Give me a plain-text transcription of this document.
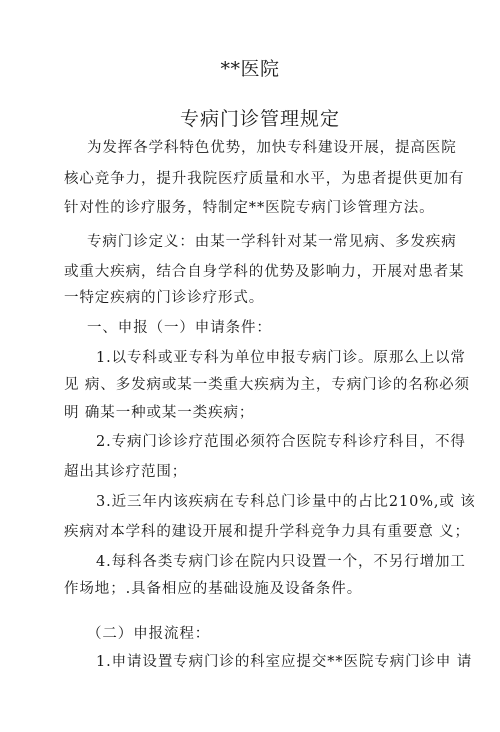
**医院
专病门诊管理规定
为发挥各学科特色优势，加快专科建设开展，提高医院
核心竞争力，提升我院医疗质量和水平，为患者提供更加有
针对性的诊疗服务，特制定**医院专病门诊管理方法。
专病门诊定义：由某一学科针对某一常见病、多发疾病
或重大疾病，结合自身学科的优势及影响力，开展对患者某
一特定疾病的门诊诊疗形式。
一、申报（一）申请条件：
1.以专科或亚专科为单位申报专病门诊。原那么上以常
见 病、多发病或某一类重大疾病为主，专病门诊的名称必须
明 确某一种或某一类疾病；
2.专病门诊诊疗范围必须符合医院专科诊疗科目，不得
超出其诊疗范围；
3.近三年内该疾病在专科总门诊量中的占比210%,或 该
疾病对本学科的建设开展和提升学科竞争力具有重要意 义；
4.每科各类专病门诊在院内只设置一个，不另行增加工
作场地；.具备相应的基础设施及设备条件。
（二）申报流程：
1.申请设置专病门诊的科室应提交**医院专病门诊申 请
